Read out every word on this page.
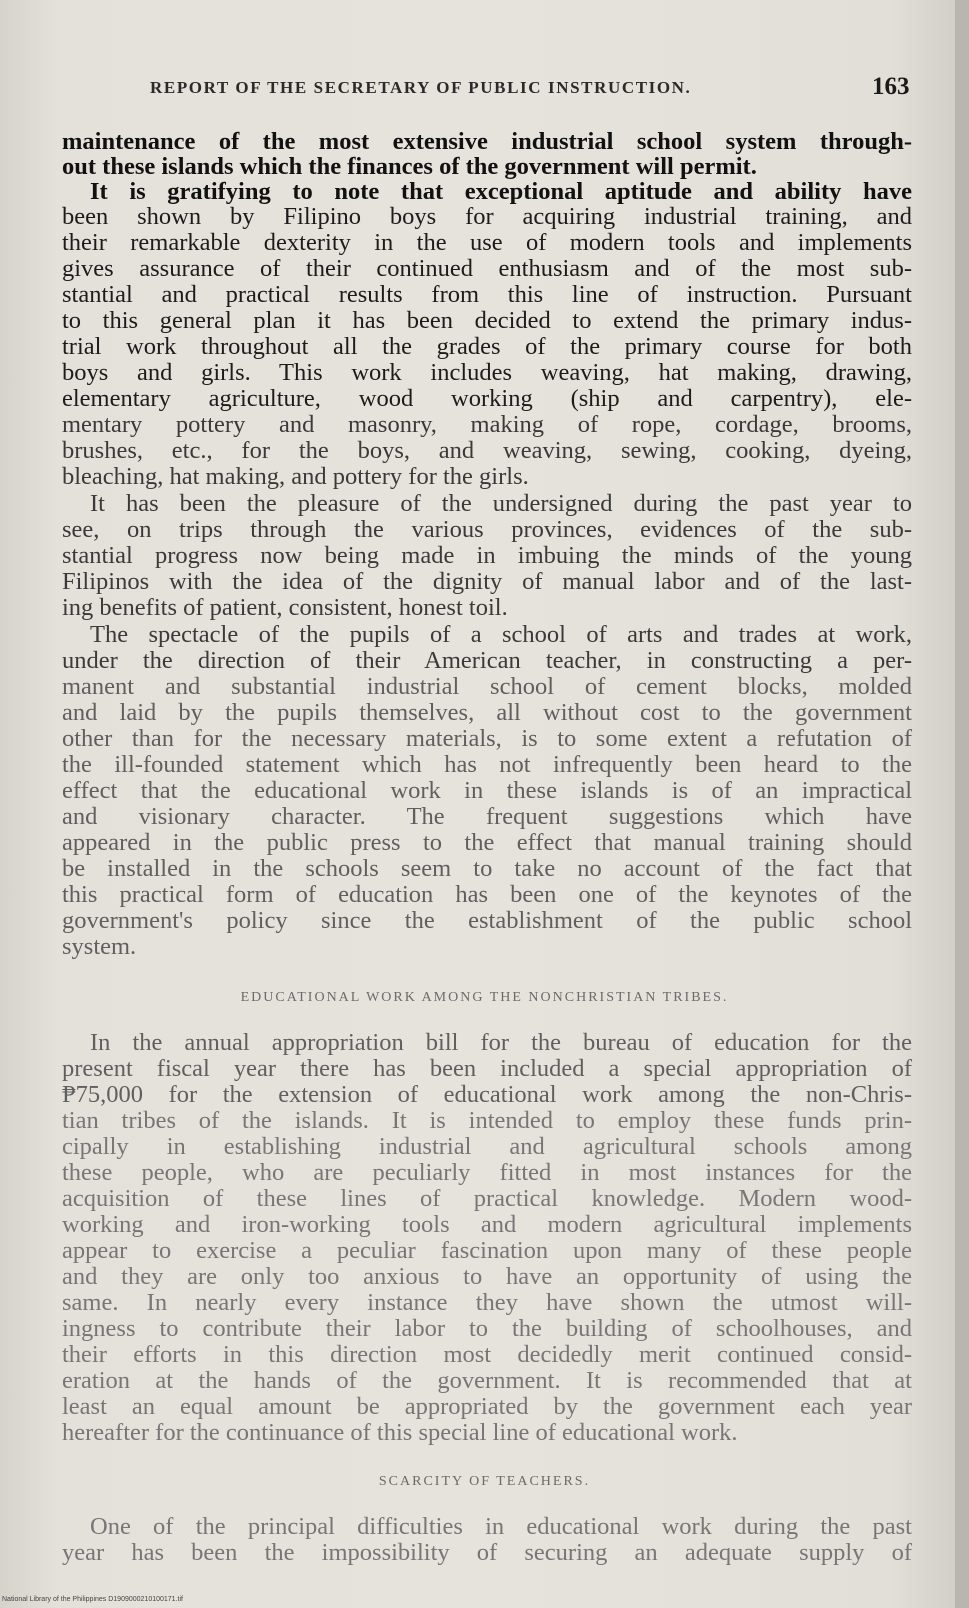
REPORT OF THE SECRETARY OF PUBLIC INSTRUCTION.	163
maintenance of the most extensive industrial school system through-
out these islands which the finances of the government will permit.
It is gratifying to note that exceptional aptitude and ability have
been shown by Filipino boys for acquiring industrial training, and
their remarkable dexterity in the use of modern tools and implements
gives assurance of their continued enthusiasm and of the most sub-
stantial and practical results from this line of instruction. Pursuant
to this general plan it has been decided to extend the primary indus-
trial work throughout all the grades of the primary course for both
boys and girls. This work includes weaving, hat making, drawing,
elementary agriculture, wood working (ship and carpentry), ele-
mentary pottery and masonry, making of rope, cordage, brooms,
brushes, etc., for the boys, and weaving, sewing, cooking, dyeing,
bleaching, hat making, and pottery for the girls.
It has been the pleasure of the undersigned during the past year to
see, on trips through the various provinces, evidences of the sub-
stantial progress now being made in imbuing the minds of the young
Filipinos with the idea of the dignity of manual labor and of the last-
ing benefits of patient, consistent, honest toil.
The spectacle of the pupils of a school of arts and trades at work,
under the direction of their American teacher, in constructing a per-
manent and substantial industrial school of cement blocks, molded
and laid by the pupils themselves, all without cost to the government
other than for the necessary materials, is to some extent a refutation of
the ill-founded statement which has not infrequently been heard to the
effect that the educational work in these islands is of an impractical
and visionary character. The frequent suggestions which have
appeared in the public press to the effect that manual training should
be installed in the schools seem to take no account of the fact that
this practical form of education has been one of the keynotes of the
government's policy since the establishment of the public school
system.
EDUCATIONAL WORK AMONG THE NONCHRISTIAN TRIBES.
In the annual appropriation bill for the bureau of education for the
present fiscal year there has been included a special appropriation of
₱75,000 for the extension of educational work among the non-Chris-
tian tribes of the islands. It is intended to employ these funds prin-
cipally in establishing industrial and agricultural schools among
these people, who are peculiarly fitted in most instances for the
acquisition of these lines of practical knowledge. Modern wood-
working and iron-working tools and modern agricultural implements
appear to exercise a peculiar fascination upon many of these people
and they are only too anxious to have an opportunity of using the
same. In nearly every instance they have shown the utmost will-
ingness to contribute their labor to the building of schoolhouses, and
their efforts in this direction most decidedly merit continued consid-
eration at the hands of the government. It is recommended that at
least an equal amount be appropriated by the government each year
hereafter for the continuance of this special line of educational work.
SCARCITY OF TEACHERS.
One of the principal difficulties in educational work during the past
year has been the impossibility of securing an adequate supply of
National Library of the Philippines D1909000210100171.tif
